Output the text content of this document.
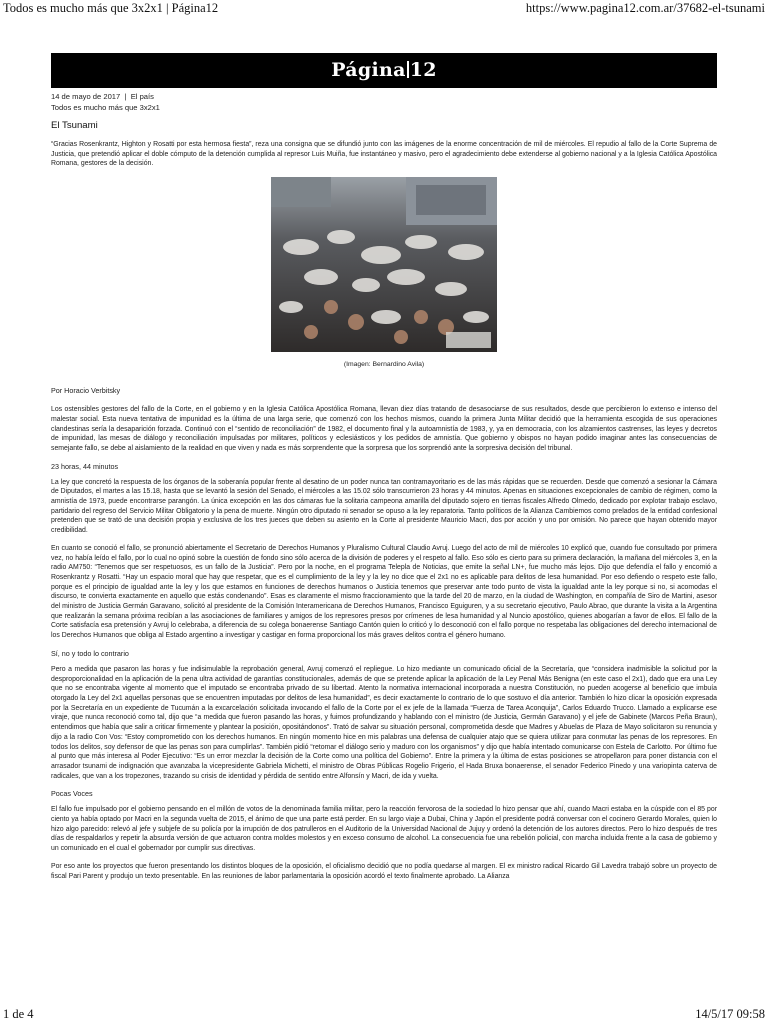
Todos es mucho más que 3x2x1 | Página12	https://www.pagina12.com.ar/37682-el-tsunami
Página 12
14 de mayo de 2017 | El país
Todos es mucho más que 3x2x1
El Tsunami

“Gracias Rosenkrantz, Highton y Rosatti por esta hermosa fiesta”, reza una consigna que se difundió junto con las imágenes de la enorme concentración de mil de miércoles. El repudio al fallo de la Corte Suprema de Justicia, que pretendió aplicar el doble cómputo de la detención cumplida al represor Luis Muiña, fue instantáneo y masivo, pero el agradecimiento debe extenderse al gobierno nacional y a la Iglesia Católica Apostólica Romana, gestores de la decisión.

(Imagen: Bernardino Avila)
Por Horacio Verbitsky

Los ostensibles gestores del fallo de la Corte, en el gobierno y en la Iglesia Católica Apostólica Romana, llevan diez días tratando de desasociarse de sus resultados, desde que percibieron lo extenso e intenso del malestar social. Esta nueva tentativa de impunidad es la última de una larga serie, que comenzó con los hechos mismos, cuando la primera Junta Militar decidió que la herramienta escogida de sus operaciones clandestinas sería la desaparición forzada. Continuó con el “sentido de reconciliación” de 1982, el documento final y la autoamnistía de 1983, y, ya en democracia, con los alzamientos castrenses, las leyes y decretos de impunidad, las mesas de diálogo y reconciliación impulsadas por militares, políticos y eclesiásticos y los pedidos de amnistía. Que gobierno y obispos no hayan podido imaginar antes las consecuencias de semejante fallo, se debe al aislamiento de la realidad en que viven y nada es más sorprendente que la sorpresa que los sorprendió ante la sorpresiva decisión del tribunal.

23 horas, 44 minutos

La ley que concretó la respuesta de los órganos de la soberanía popular frente al desatino de un poder nunca tan contramayoritario es de las más rápidas que se recuerden. Desde que comenzó a sesionar la Cámara de Diputados, el martes a las 15.18, hasta que se levantó la sesión del Senado, el miércoles a las 15.02 sólo transcurrieron 23 horas y 44 minutos. Apenas en situaciones excepcionales de cambio de régimen, como la amnistía de 1973, puede encontrarse parangón. La única excepción en las dos cámaras fue la solitaria campeona amarilla del diputado sojero en tierras fiscales Alfredo Olmedo, dedicado por explotar trabajo esclavo, partidario del regreso del Servicio Militar Obligatorio y la pena de muerte. Ningún otro diputado ni senador se opuso a la ley reparatoria. Tanto políticos de la Alianza Cambiemos como prelados de la entidad confesional pretenden que se trató de una decisión propia y exclusiva de los tres jueces que deben su asiento en la Corte al presidente Mauricio Macri, dos por acción y uno por omisión. No parece que hayan obtenido mayor credibilidad.

En cuanto se conoció el fallo, se pronunció abiertamente el Secretario de Derechos Humanos y Pluralismo Cultural Claudio Avruj. Luego del acto de mil de miércoles 10 explicó que, cuando fue consultado por primera vez, no había leído el fallo, por lo cual no opinó sobre la cuestión de fondo sino sólo acerca de la división de poderes y el respeto al fallo. Eso sólo es cierto para su primera declaración, la mañana del miércoles 3, en la radio AM750: “Tenemos que ser respetuosos, es un fallo de la Justicia”. Pero por la noche, en el programa Telepla de Noticias, que emite la señal LN+, fue mucho más lejos. Dijo que defendía el fallo y encomió a Rosenkrantz y Rosatti. “Hay un espacio moral que hay que respetar, que es el cumplimiento de la ley y la ley no dice que el 2x1 no es aplicable para delitos de lesa humanidad. Por eso defiendo o respeto este fallo, porque es el principio de igualdad ante la ley y los que estamos en funciones de derechos humanos o Justicia tenemos que preservar ante todo punto de vista la igualdad ante la ley porque si no, si acomodas el discurso, te convierta exactamente en aquello que estás condenando”. Esas es claramente el mismo fraccionamiento que la tarde del 20 de marzo, en la ciudad de Washington, en compañía de Siro de Martini, asesor del ministro de Justicia Germán Garavano, solicitó al presidente de la Comisión Interamericana de Derechos Humanos, Francisco Eguiguren, y a su secretario ejecutivo, Paulo Abrao, que durante la visita a la Argentina que realizarán la semana próxima recibían a las asociaciones de familiares y amigos de los represores presos por crímenes de lesa humanidad y al Nuncio apostólico, quienes abogarían a favor de ellos. El fallo de la Corte satisfacía esa pretensión y Avruj lo celebraba, a diferencia de su colega bonaerense Santiago Cantón quien lo criticó y lo desconoció con el fallo porque no respetaba las obligaciones del derecho internacional de los Derechos Humanos que obliga al Estado argentino a investigar y castigar en forma proporcional los más graves delitos contra el género humano.

Sí, no y todo lo contrario

Pero a medida que pasaron las horas y fue indisimulable la reprobación general, Avruj comenzó el repliegue. Lo hizo mediante un comunicado oficial de la Secretaría, que “considera inadmisible la solicitud por la desproporcionalidad en la aplicación de la pena ultra actividad de garantías constitucionales, además de que se pretende aplicar la aplicación de la Ley Penal Más Benigna (en este caso el 2x1), dado que era una Ley que no se encontraba vigente al momento que el imputado se encontraba privado de su libertad. Atento la normativa internacional incorporada a nuestra Constitución, no pueden acogerse al beneficio que imbuía otorgado la Ley del 2x1 aquellas personas que se encuentren imputadas por delitos de lesa humanidad”, es decir exactamente lo contrario de lo que sostuvo el día anterior. También lo hizo clicar la oposición expresada por la Secretaría en un expediente de Tucumán a la excarcelación solicitada invocando el fallo de la Corte por el ex jefe de la llamada “Fuerza de Tarea Aconquija”, Carlos Eduardo Trucco. Llamado a explicarse ese viraje, que nunca reconoció como tal, dijo que “a medida que fueron pasando las horas, y fuimos profundizando y hablando con el ministro (de Justicia, Germán Garavano) y el jefe de Gabinete (Marcos Peña Braun), entendimos que había que salir a criticar firmemente y plantear la posición, opositándonos”. Trató de salvar su situación personal, comprometida desde que Madres y Abuelas de Plaza de Mayo solicitaron su renuncia y dijo a la radio Con Vos: “Estoy comprometido con los derechos humanos. En ningún momento hice en mis palabras una defensa de cualquier atajo que se quiera utilizar para conmutar las penas de los represores. En todos los delitos, soy defensor de que las penas son para cumplirlas”. También pidió “retomar el diálogo serio y maduro con los organismos” y dijo que había intentado comunicarse con Estela de Carlotto. Por último fue al punto que más interesa al Poder Ejecutivo: “Es un error mezclar la decisión de la Corte como una política del Gobierno”. Entre la primera y la última de estas posiciones se atropellaron para poner distancia con el arrasador tsunami de indignación que avanzaba la vicepresidente Gabriela Michetti, el ministro de Obras Públicas Rogelio Frigerio, el Hada Bruxa bonaerense, el senador Federico Pinedo y una variopinta caterva de radicales, que van a los tropezones, trazando su crisis de identidad y pérdida de sentido entre Alfonsín y Macri, de ida y vuelta.

Pocas Voces

El fallo fue impulsado por el gobierno pensando en el millón de votos de la denominada familia militar, pero la reacción fervorosa de la sociedad lo hizo pensar que ahí, cuando Macri estaba en la cúspide con el 85 por ciento ya había optado por Macri en la segunda vuelta de 2015, el ánimo de que una parte está perder. En su largo viaje a Dubai, China y Japón el presidente podrá conversar con el cocinero Gerardo Morales, quien lo hizo algo parecido: relevó al jefe y subjefe de su policía por la irrupción de dos patrulleros en el Auditorio de la Universidad Nacional de Jujuy y ordenó la detención de los autores directos. Pero lo hizo después de tres días de respaldarlos y repetir la absurda versión de que actuaron contra moldes molestos y en exceso consumo de alcohol. La consecuencia fue una rebelión policial, con marcha incluida frente a la casa de gobierno y un comunicado en el cual el gobernador por cumplir sus directivas.

Por eso ante los proyectos que fueron presentando los distintos bloques de la oposición, el oficialismo decidió que no podía quedarse al margen. El ex ministro radical Ricardo Gil Lavedra trabajó sobre un proyecto de fiscal Pari Parent y produjo un texto presentable. En las reuniones de labor parlamentaria la oposición acordó el texto finalmente aprobado. La Alianza

1 de 4	14/5/17 09:58
